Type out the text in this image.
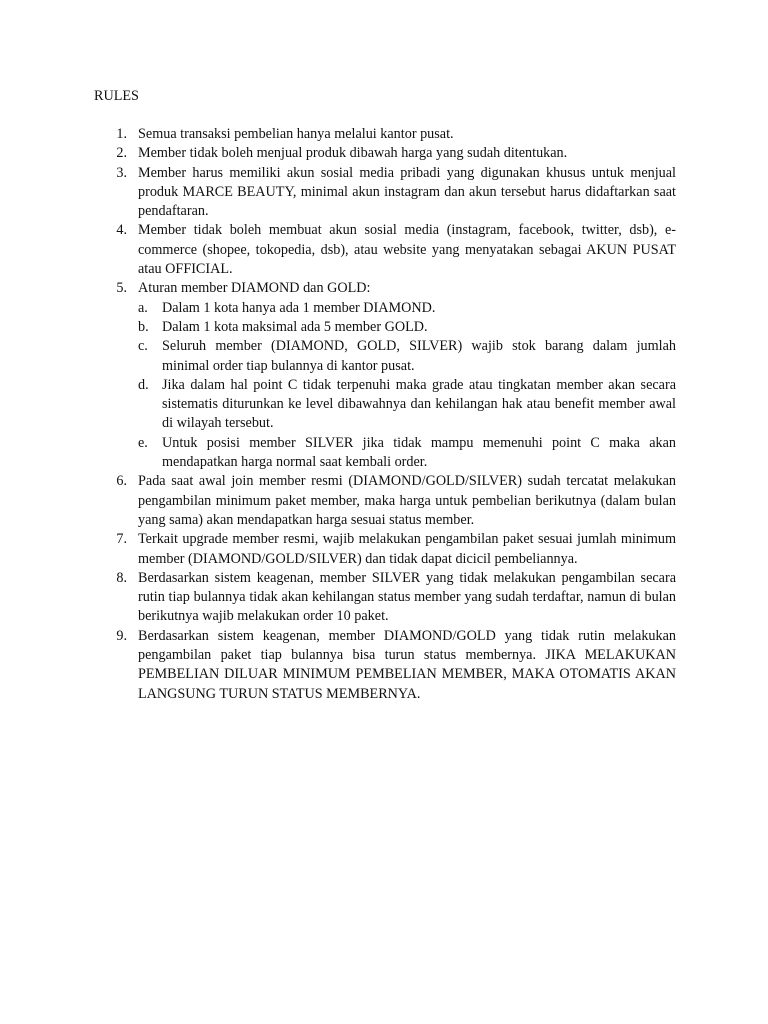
RULES
1. Semua transaksi pembelian hanya melalui kantor pusat.
2. Member tidak boleh menjual produk dibawah harga yang sudah ditentukan.
3. Member harus memiliki akun sosial media pribadi yang digunakan khusus untuk menjual produk MARCE BEAUTY, minimal akun instagram dan akun tersebut harus didaftarkan saat pendaftaran.
4. Member tidak boleh membuat akun sosial media (instagram, facebook, twitter, dsb), e-commerce (shopee, tokopedia, dsb), atau website yang menyatakan sebagai AKUN PUSAT atau OFFICIAL.
5. Aturan member DIAMOND dan GOLD:
a. Dalam 1 kota hanya ada 1 member DIAMOND.
b. Dalam 1 kota maksimal ada 5 member GOLD.
c. Seluruh member (DIAMOND, GOLD, SILVER) wajib stok barang dalam jumlah minimal order tiap bulannya di kantor pusat.
d. Jika dalam hal point C tidak terpenuhi maka grade atau tingkatan member akan secara sistematis diturunkan ke level dibawahnya dan kehilangan hak atau benefit member awal di wilayah tersebut.
e. Untuk posisi member SILVER jika tidak mampu memenuhi point C maka akan mendapatkan harga normal saat kembali order.
6. Pada saat awal join member resmi (DIAMOND/GOLD/SILVER) sudah tercatat melakukan pengambilan minimum paket member, maka harga untuk pembelian berikutnya (dalam bulan yang sama) akan mendapatkan harga sesuai status member.
7. Terkait upgrade member resmi, wajib melakukan pengambilan paket sesuai jumlah minimum member (DIAMOND/GOLD/SILVER) dan tidak dapat dicicil pembeliannya.
8. Berdasarkan sistem keagenan, member SILVER yang tidak melakukan pengambilan secara rutin tiap bulannya tidak akan kehilangan status member yang sudah terdaftar, namun di bulan berikutnya wajib melakukan order 10 paket.
9. Berdasarkan sistem keagenan, member DIAMOND/GOLD yang tidak rutin melakukan pengambilan paket tiap bulannya bisa turun status membernya. JIKA MELAKUKAN PEMBELIAN DILUAR MINIMUM PEMBELIAN MEMBER, MAKA OTOMATIS AKAN LANGSUNG TURUN STATUS MEMBERNYA.
